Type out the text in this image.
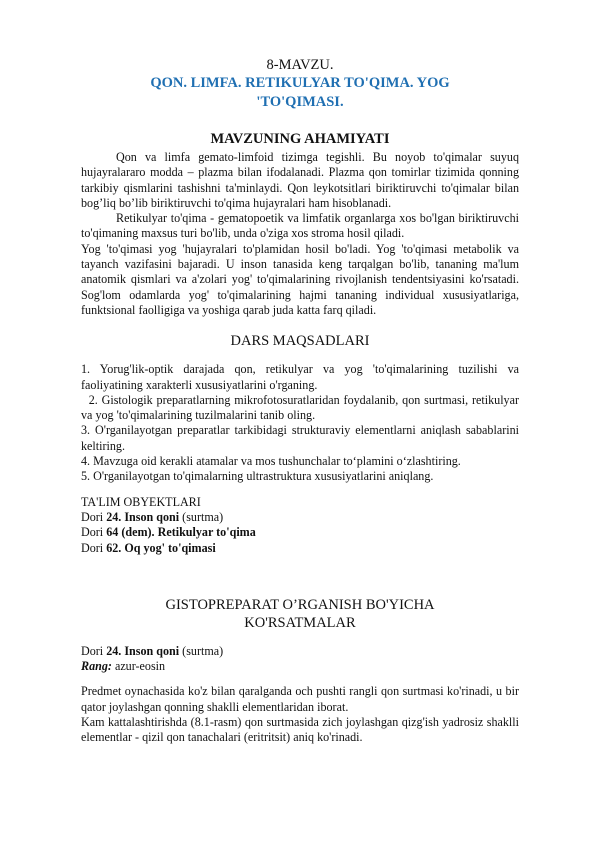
8-MAVZU.
QON. LIMFA. RETIKULYAR TO'QIMA. YOG
'TO'QIMASI.
MAVZUNING AHAMIYATI

Qon va limfa gemato-limfoid tizimga tegishli. Bu noyob to'qimalar suyuq hujayralararo modda – plazma bilan ifodalanadi. Plazma qon tomirlar tizimida qonning tarkibiy qismlarini tashishni ta'minlaydi. Qon leykotsitlari biriktiruvchi to'qimalar bilan bog’liq bo’lib biriktiruvchi to'qima hujayralari ham hisoblanadi.

Retikulyar to'qima - gematopoetik va limfatik organlarga xos bo'lgan biriktiruvchi to'qimaning maxsus turi bo'lib, unda o'ziga xos stroma hosil qiladi.

Yog 'to'qimasi yog 'hujayralari to'plamidan hosil bo'ladi. Yog 'to'qimasi metabolik va tayanch vazifasini bajaradi. U inson tanasida keng tarqalgan bo'lib, tananing ma'lum anatomik qismlari va a'zolari yog' to'qimalarining rivojlanish tendentsiyasini ko'rsatadi. Sog'lom odamlarda yog' to'qimalarining hajmi tananing individual xususiyatlariga, funktsional faolligiga va yoshiga qarab juda katta farq qiladi.

DARS MAQSADLARI

1. Yorug'lik-optik darajada qon, retikulyar va yog 'to'qimalarining tuzilishi va faoliyatining xarakterli xususiyatlarini o'rganing.

2. Gistologik preparatlarning mikrofotosuratlaridan foydalanib, qon surtmasi, retikulyar va yog 'to'qimalarining tuzilmalarini tanib oling.

3. O'rganilayotgan preparatlar tarkibidagi strukturaviy elementlarni aniqlash sabablarini keltiring.

4. Mavzuga oid kerakli atamalar va mos tushunchalar to‘plamini o‘zlashtiring.

5. O'rganilayotgan to'qimalarning ultrastruktura xususiyatlarini aniqlang.

TA'LIM OBYEKTLARI
Dori 24. Inson qoni (surtma)
Dori 64 (dem). Retikulyar to'qima
Dori 62. Oq yog' to'qimasi
GISTOPREPARAT O’RGANISH BO'YICHA
KO'RSATMALAR
Dori 24. Inson qoni (surtma)
Rang: azur-eosin

Predmet oynachasida ko'z bilan qaralganda och pushti rangli qon surtmasi ko'rinadi, u bir qator joylashgan qonning shaklli elementlaridan iborat.

Kam kattalashtirishda (8.1-rasm) qon surtmasida zich joylashgan qizg'ish yadrosiz shaklli elementlar - qizil qon tanachalari (eritritsit) aniq ko'rinadi.
